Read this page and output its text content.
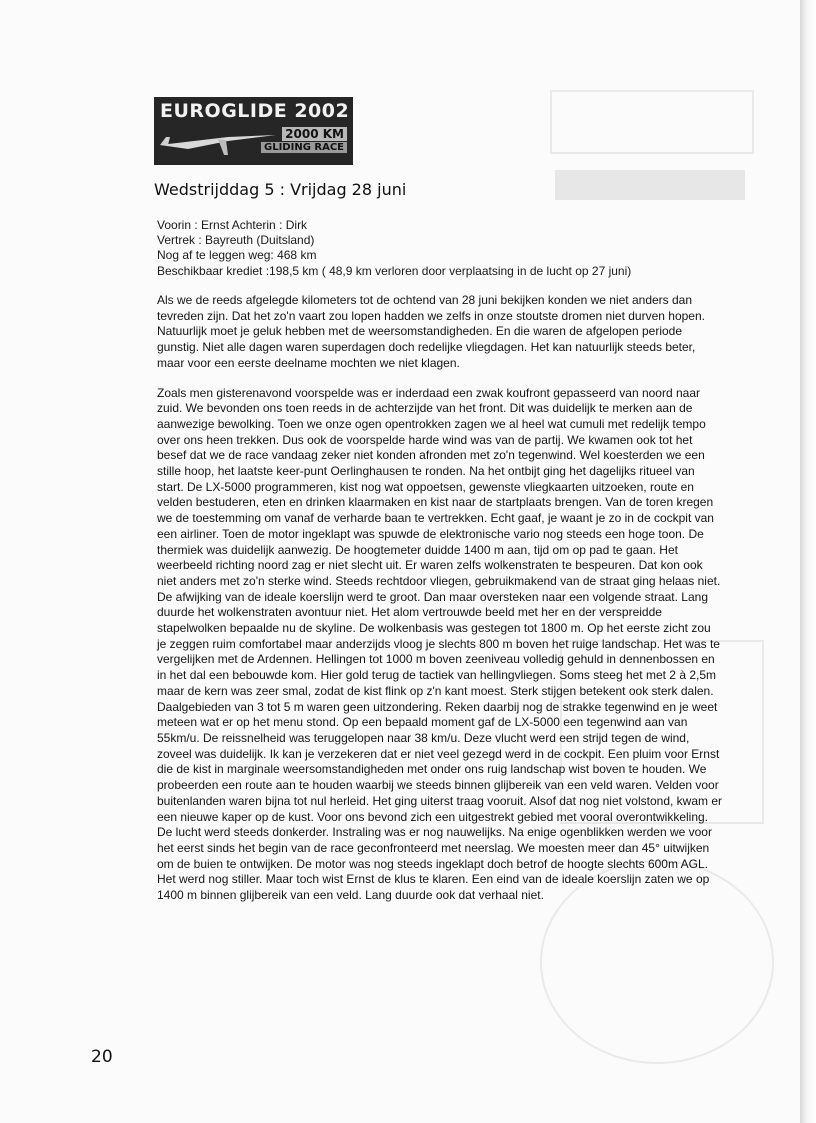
EUROGLIDE 2002
2000 KM
GLIDING RACE
Wedstrijddag 5 : Vrijdag 28 juni
Voorin : Ernst Achterin : Dirk
Vertrek : Bayreuth (Duitsland)
Nog af te leggen weg: 468 km
Beschikbaar krediet :198,5 km ( 48,9 km verloren door verplaatsing in de lucht op 27 juni)

Als we de reeds afgelegde kilometers tot de ochtend van 28 juni bekijken konden we niet anders dan tevreden zijn. Dat het zo'n vaart zou lopen hadden we zelfs in onze stoutste dromen niet durven hopen. Natuurlijk moet je geluk hebben met de weersomstandigheden. En die waren de afgelopen periode gunstig. Niet alle dagen waren superdagen doch redelijke vliegdagen. Het kan natuurlijk steeds beter, maar voor een eerste deelname mochten we niet klagen.

Zoals men gisterenavond voorspelde was er inderdaad een zwak koufront gepasseerd van noord naar zuid. We bevonden ons toen reeds in de achterzijde van het front. Dit was duidelijk te merken aan de aanwezige bewolking. Toen we onze ogen opentrokken zagen we al heel wat cumuli met redelijk tempo over ons heen trekken. Dus ook de voorspelde harde wind was van de partij. We kwamen ook tot het besef dat we de race vandaag zeker niet konden afronden met zo'n tegenwind. Wel koesterden we een stille hoop, het laatste keer-punt Oerlinghausen te ronden. Na het ontbijt ging het dagelijks ritueel van start. De LX-5000 programmeren, kist nog wat oppoetsen, gewenste vliegkaarten uitzoeken, route en velden bestuderen, eten en drinken klaarmaken en kist naar de startplaats brengen. Van de toren kregen we de toestemming om vanaf de verharde baan te vertrekken. Echt gaaf, je waant je zo in de cockpit van een airliner. Toen de motor ingeklapt was spuwde de elektronische vario nog steeds een hoge toon. De thermiek was duidelijk aanwezig. De hoogtemeter duidde 1400 m aan, tijd om op pad te gaan. Het weerbeeld richting noord zag er niet slecht uit. Er waren zelfs wolkenstraten te bespeuren. Dat kon ook niet anders met zo'n sterke wind. Steeds rechtdoor vliegen, gebruikmakend van de straat ging helaas niet. De afwijking van de ideale koerslijn werd te groot. Dan maar oversteken naar een volgende straat. Lang duurde het wolkenstraten avontuur niet. Het alom vertrouwde beeld met her en der verspreidde stapelwolken bepaalde nu de skyline. De wolkenbasis was gestegen tot 1800 m. Op het eerste zicht zou je zeggen ruim comfortabel maar anderzijds vloog je slechts 800 m boven het ruige landschap. Het was te vergelijken met de Ardennen. Hellingen tot 1000 m boven zeeniveau volledig gehuld in dennenbossen en in het dal een bebouwde kom. Hier gold terug de tactiek van hellingvliegen. Soms steeg het met 2 à 2,5m maar de kern was zeer smal, zodat de kist flink op z'n kant moest. Sterk stijgen betekent ook sterk dalen. Daalgebieden van 3 tot 5 m waren geen uitzondering. Reken daarbij nog de strakke tegenwind en je weet meteen wat er op het menu stond. Op een bepaald moment gaf de LX-5000 een tegenwind aan van 55km/u. De reissnelheid was teruggelopen naar 38 km/u. Deze vlucht werd een strijd tegen de wind, zoveel was duidelijk. Ik kan je verzekeren dat er niet veel gezegd werd in de cockpit. Een pluim voor Ernst die de kist in marginale weersomstandigheden met onder ons ruig landschap wist boven te houden. We probeerden een route aan te houden waarbij we steeds binnen glijbereik van een veld waren. Velden voor buitenlanden waren bijna tot nul herleid. Het ging uiterst traag vooruit. Alsof dat nog niet volstond, kwam er een nieuwe kaper op de kust. Voor ons bevond zich een uitgestrekt gebied met vooral overontwikkeling. De lucht werd steeds donkerder. Instraling was er nog nauwelijks. Na enige ogenblikken werden we voor het eerst sinds het begin van de race geconfronteerd met neerslag. We moesten meer dan 45° uitwijken om de buien te ontwijken. De motor was nog steeds ingeklapt doch betrof de hoogte slechts 600m AGL. Het werd nog stiller. Maar toch wist Ernst de klus te klaren. Een eind van de ideale koerslijn zaten we op 1400 m binnen glijbereik van een veld. Lang duurde ook dat verhaal niet.

20
